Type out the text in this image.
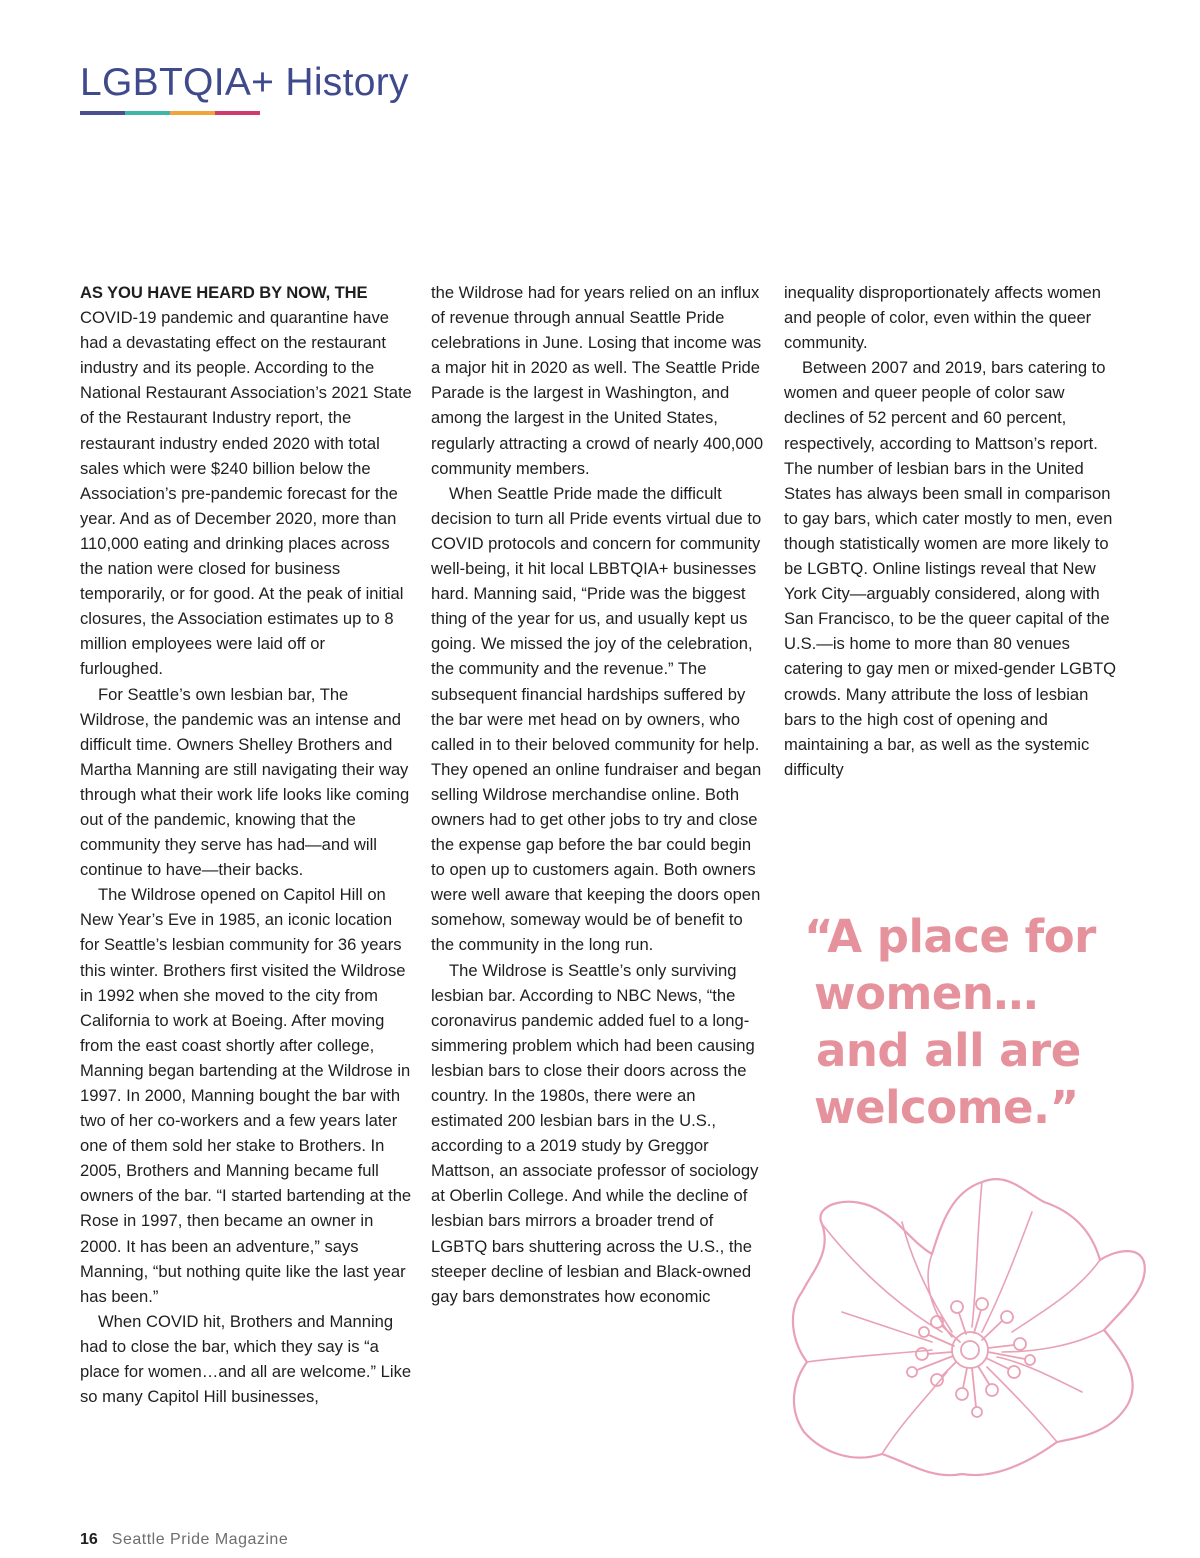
LGBTQIA+ History

AS YOU HAVE HEARD BY NOW, THE COVID-19 pandemic and quarantine have had a devastating effect on the restaurant industry and its people. According to the National Restaurant Association’s 2021 State of the Restaurant Industry report, the restaurant industry ended 2020 with total sales which were $240 billion below the Association’s pre-pandemic forecast for the year. And as of December 2020, more than 110,000 eating and drinking places across the nation were closed for business temporarily, or for good. At the peak of initial closures, the Association estimates up to 8 million employees were laid off or furloughed.

For Seattle’s own lesbian bar, The Wildrose, the pandemic was an intense and difficult time. Owners Shelley Brothers and Martha Manning are still navigating their way through what their work life looks like coming out of the pandemic, knowing that the community they serve has had—and will continue to have—their backs.

The Wildrose opened on Capitol Hill on New Year’s Eve in 1985, an iconic location for Seattle’s lesbian community for 36 years this winter. Brothers first visited the Wildrose in 1992 when she moved to the city from California to work at Boeing. After moving from the east coast shortly after college, Manning began bartending at the Wildrose in 1997. In 2000, Manning bought the bar with two of her co-workers and a few years later one of them sold her stake to Brothers. In 2005, Brothers and Manning became full owners of the bar. “I started bartending at the Rose in 1997, then became an owner in 2000. It has been an adventure,” says Manning, “but nothing quite like the last year has been.”

When COVID hit, Brothers and Manning had to close the bar, which they say is “a place for women…and all are welcome.” Like so many Capitol Hill businesses,

the Wildrose had for years relied on an influx of revenue through annual Seattle Pride celebrations in June. Losing that income was a major hit in 2020 as well. The Seattle Pride Parade is the largest in Washington, and among the largest in the United States, regularly attracting a crowd of nearly 400,000 community members.

When Seattle Pride made the difficult decision to turn all Pride events virtual due to COVID protocols and concern for community well-being, it hit local LBBTQIA+ businesses hard. Manning said, “Pride was the biggest thing of the year for us, and usually kept us going. We missed the joy of the celebration, the community and the revenue.” The subsequent financial hardships suffered by the bar were met head on by owners, who called in to their beloved community for help. They opened an online fundraiser and began selling Wildrose merchandise online. Both owners had to get other jobs to try and close the expense gap before the bar could begin to open up to customers again. Both owners were well aware that keeping the doors open somehow, someway would be of benefit to the community in the long run.

The Wildrose is Seattle’s only surviving lesbian bar. According to NBC News, “the coronavirus pandemic added fuel to a long-simmering problem which had been causing lesbian bars to close their doors across the country. In the 1980s, there were an estimated 200 lesbian bars in the U.S., according to a 2019 study by Greggor Mattson, an associate professor of sociology at Oberlin College. And while the decline of lesbian bars mirrors a broader trend of LGBTQ bars shuttering across the U.S., the steeper decline of lesbian and Black-owned gay bars demonstrates how economic

inequality disproportionately affects women and people of color, even within the queer community.

Between 2007 and 2019, bars catering to women and queer people of color saw declines of 52 percent and 60 percent, respectively, according to Mattson’s report. The number of lesbian bars in the United States has always been small in comparison to gay bars, which cater mostly to men, even though statistically women are more likely to be LGBTQ. Online listings reveal that New York City—arguably considered, along with San Francisco, to be the queer capital of the U.S.—is home to more than 80 venues catering to gay men or mixed-gender LGBTQ crowds. Many attribute the loss of lesbian bars to the high cost of opening and maintaining a bar, as well as the systemic difficulty

“A place for
women…
and all are
welcome.”
16 Seattle Pride Magazine
